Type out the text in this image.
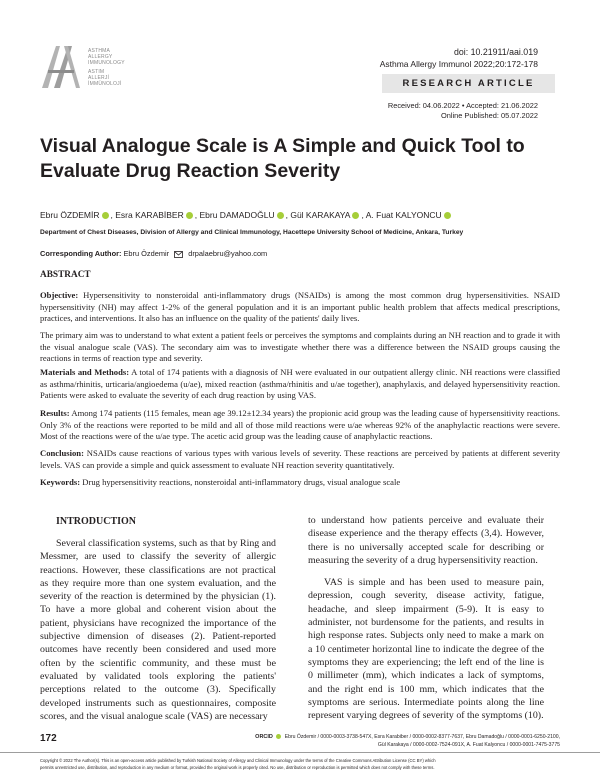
ASTHMA
ALLERGY
IMMUNOLOGY
ASTIM
ALLERJİ
İMMÜNOLOJİ
doi: 10.21911/aai.019
Asthma Allergy Immunol 2022;20:172-178
RESEARCH ARTICLE
Received: 04.06.2022 • Accepted: 21.06.2022
Online Published: 05.07.2022
Visual Analogue Scale is A Simple and Quick Tool to Evaluate Drug Reaction Severity
Ebru ÖZDEMİR , Esra KARABİBER , Ebru DAMADOĞLU , Gül KARAKAYA , A. Fuat KALYONCU
Department of Chest Diseases, Division of Allergy and Clinical Immunology, Hacettepe University School of Medicine, Ankara, Turkey
Corresponding Author: Ebru Özdemir	drpalaebru@yahoo.com
ABSTRACT
Objective: Hypersensitivity to nonsteroidal anti-inflammatory drugs (NSAIDs) is among the most common drug hypersensitivities. NSAID hypersensitivity (NH) may affect 1-2% of the general population and it is an important public health problem that affects medical prescriptions, practices, and interventions. It also has an influence on the quality of the patients' daily lives.
The primary aim was to understand to what extent a patient feels or perceives the symptoms and complaints during an NH reaction and to grade it with the visual analogue scale (VAS). The secondary aim was to investigate whether there was a difference between the NSAID groups causing the reactions in terms of reaction type and severity.
Materials and Methods: A total of 174 patients with a diagnosis of NH were evaluated in our outpatient allergy clinic. NH reactions were classified as asthma/rhinitis, urticaria/angioedema (u/ae), mixed reaction (asthma/rhinitis and u/ae together), anaphylaxis, and delayed hypersensitivity reaction. Patients were asked to evaluate the severity of each drug reaction by using VAS.
Results: Among 174 patients (115 females, mean age 39.12±12.34 years) the propionic acid group was the leading cause of hypersensitivity reactions. Only 3% of the reactions were reported to be mild and all of those mild reactions were u/ae whereas 92% of the anaphylactic reactions were severe. Most of the reactions were of the u/ae type. The acetic acid group was the leading cause of anaphylactic reactions.
Conclusion: NSAIDs cause reactions of various types with various levels of severity. These reactions are perceived by patients at different severity levels. VAS can provide a simple and quick assessment to evaluate NH reaction severity quantitatively.
Keywords: Drug hypersensitivity reactions, nonsteroidal anti-inflammatory drugs, visual analogue scale
INTRODUCTION
Several classification systems, such as that by Ring and Messmer, are used to classify the severity of allergic reactions. However, these classifications are not practical as they require more than one system evaluation, and the severity of the reaction is determined by the physician (1). To have a more global and coherent vision about the patient, physicians have recognized the importance of the subjective dimension of diseases (2). Patient-reported outcomes have recently been considered and used more often by the scientific community, and these must be evaluated by validated tools exploring the patients' perceptions related to the outcome (3). Specifically developed instruments such as questionnaires, composite scores, and the visual analogue scale (VAS) are necessary

to understand how patients perceive and evaluate their disease experience and the therapy effects (3,4). However, there is no universally accepted scale for describing or measuring the severity of a drug hypersensitivity reaction.

VAS is simple and has been used to measure pain, depression, cough severity, disease activity, fatigue, headache, and sleep impairment (5-9). It is easy to administer, not burdensome for the patients, and results in high response rates. Subjects only need to make a mark on a 10 centimeter horizontal line to indicate the degree of the symptoms they are experiencing; the left end of the line is 0 millimeter (mm), which indicates a lack of symptoms, and the right end is 100 mm, which indicates that the symptoms are serious. Intermediate points along the line represent varying degrees of severity of the symptoms (10).

172	ORCID Ebru Özdemir / 0000-0003-3738-547X, Esra Karabiber / 0000-0002-8377-7637, Ebru Damadoğlu / 0000-0001-6250-2100,
Gül Karakaya / 0000-0002-7524-091X, A. Fuat Kalyoncu / 0000-0001-7475-3775
Copyright © 2022 The Author(s). This is an open-access article published by Turkish National Society of Allergy and Clinical Immunology under the terms of the Creative Commons Attribution License (CC BY) which
permits unrestricted use, distribution, and reproduction in any medium or format, provided the original work is properly cited. No use, distribution or reproduction is permitted which does not comply with these terms.
